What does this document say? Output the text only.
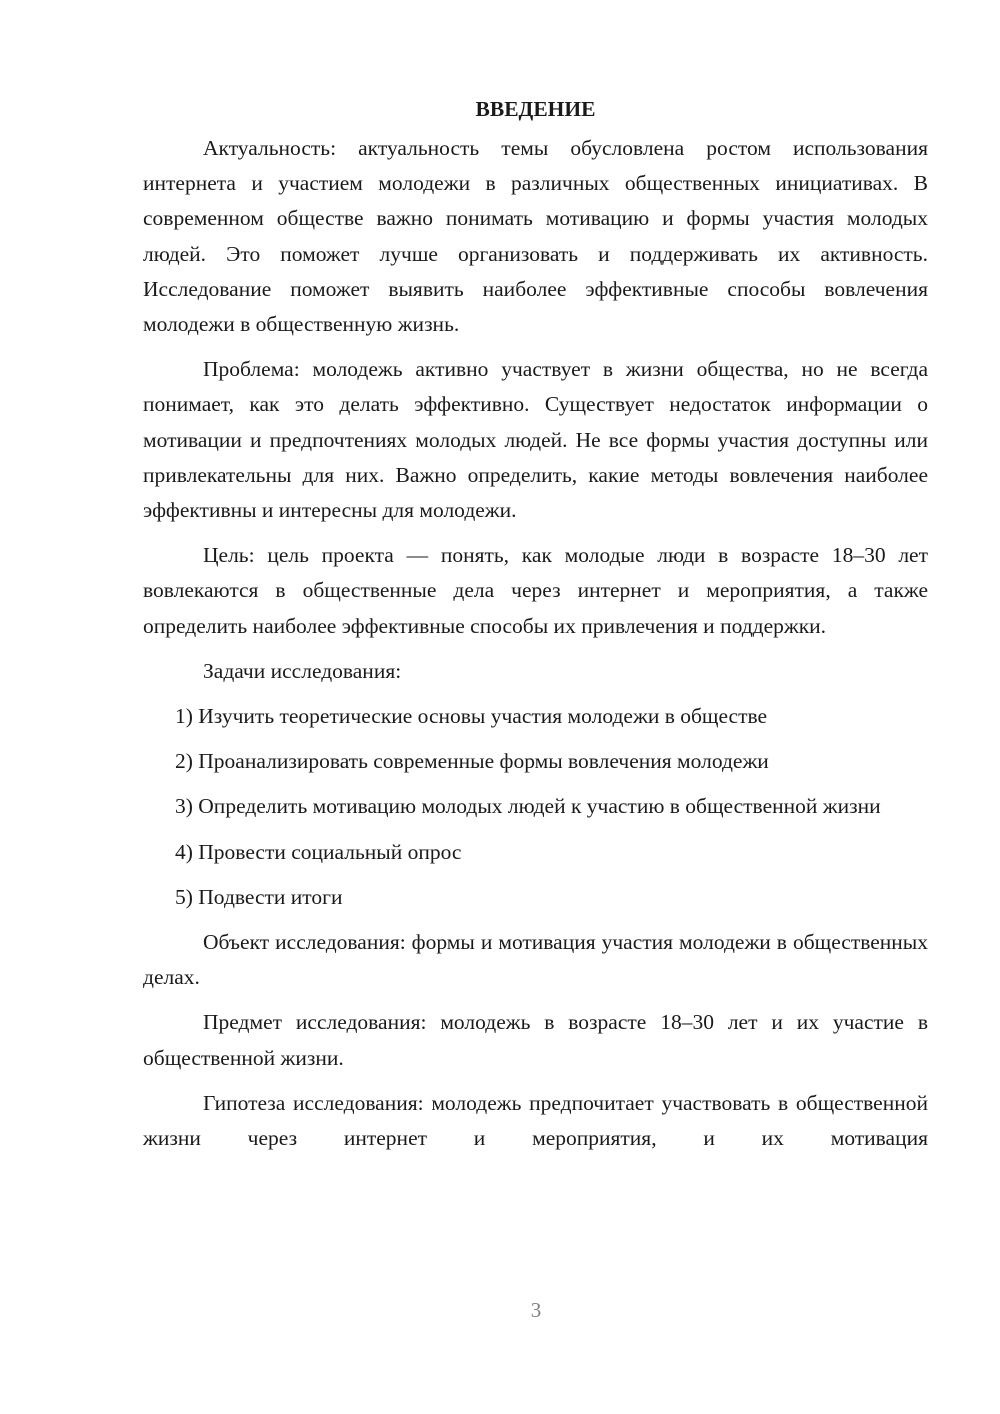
ВВЕДЕНИЕ

Актуальность: актуальность темы обусловлена ростом использования интернета и участием молодежи в различных общественных инициативах. В современном обществе важно понимать мотивацию и формы участия молодых людей. Это поможет лучше организовать и поддерживать их активность. Исследование поможет выявить наиболее эффективные способы вовлечения молодежи в общественную жизнь.

Проблема: молодежь активно участвует в жизни общества, но не всегда понимает, как это делать эффективно. Существует недостаток информации о мотивации и предпочтениях молодых людей. Не все формы участия доступны или привлекательны для них. Важно определить, какие методы вовлечения наиболее эффективны и интересны для молодежи.

Цель: цель проекта — понять, как молодые люди в возрасте 18–30 лет вовлекаются в общественные дела через интернет и мероприятия, а также определить наиболее эффективные способы их привлечения и поддержки.

Задачи исследования:

1) Изучить теоретические основы участия молодежи в обществе

2) Проанализировать современные формы вовлечения молодежи

3) Определить мотивацию молодых людей к участию в общественной жизни

4) Провести социальный опрос

5) Подвести итоги

Объект исследования: формы и мотивация участия молодежи в общественных делах.

Предмет исследования: молодежь в возрасте 18–30 лет и их участие в общественной жизни.

Гипотеза исследования: молодежь предпочитает участвовать в общественной жизни через интернет и мероприятия, и их мотивация

3
